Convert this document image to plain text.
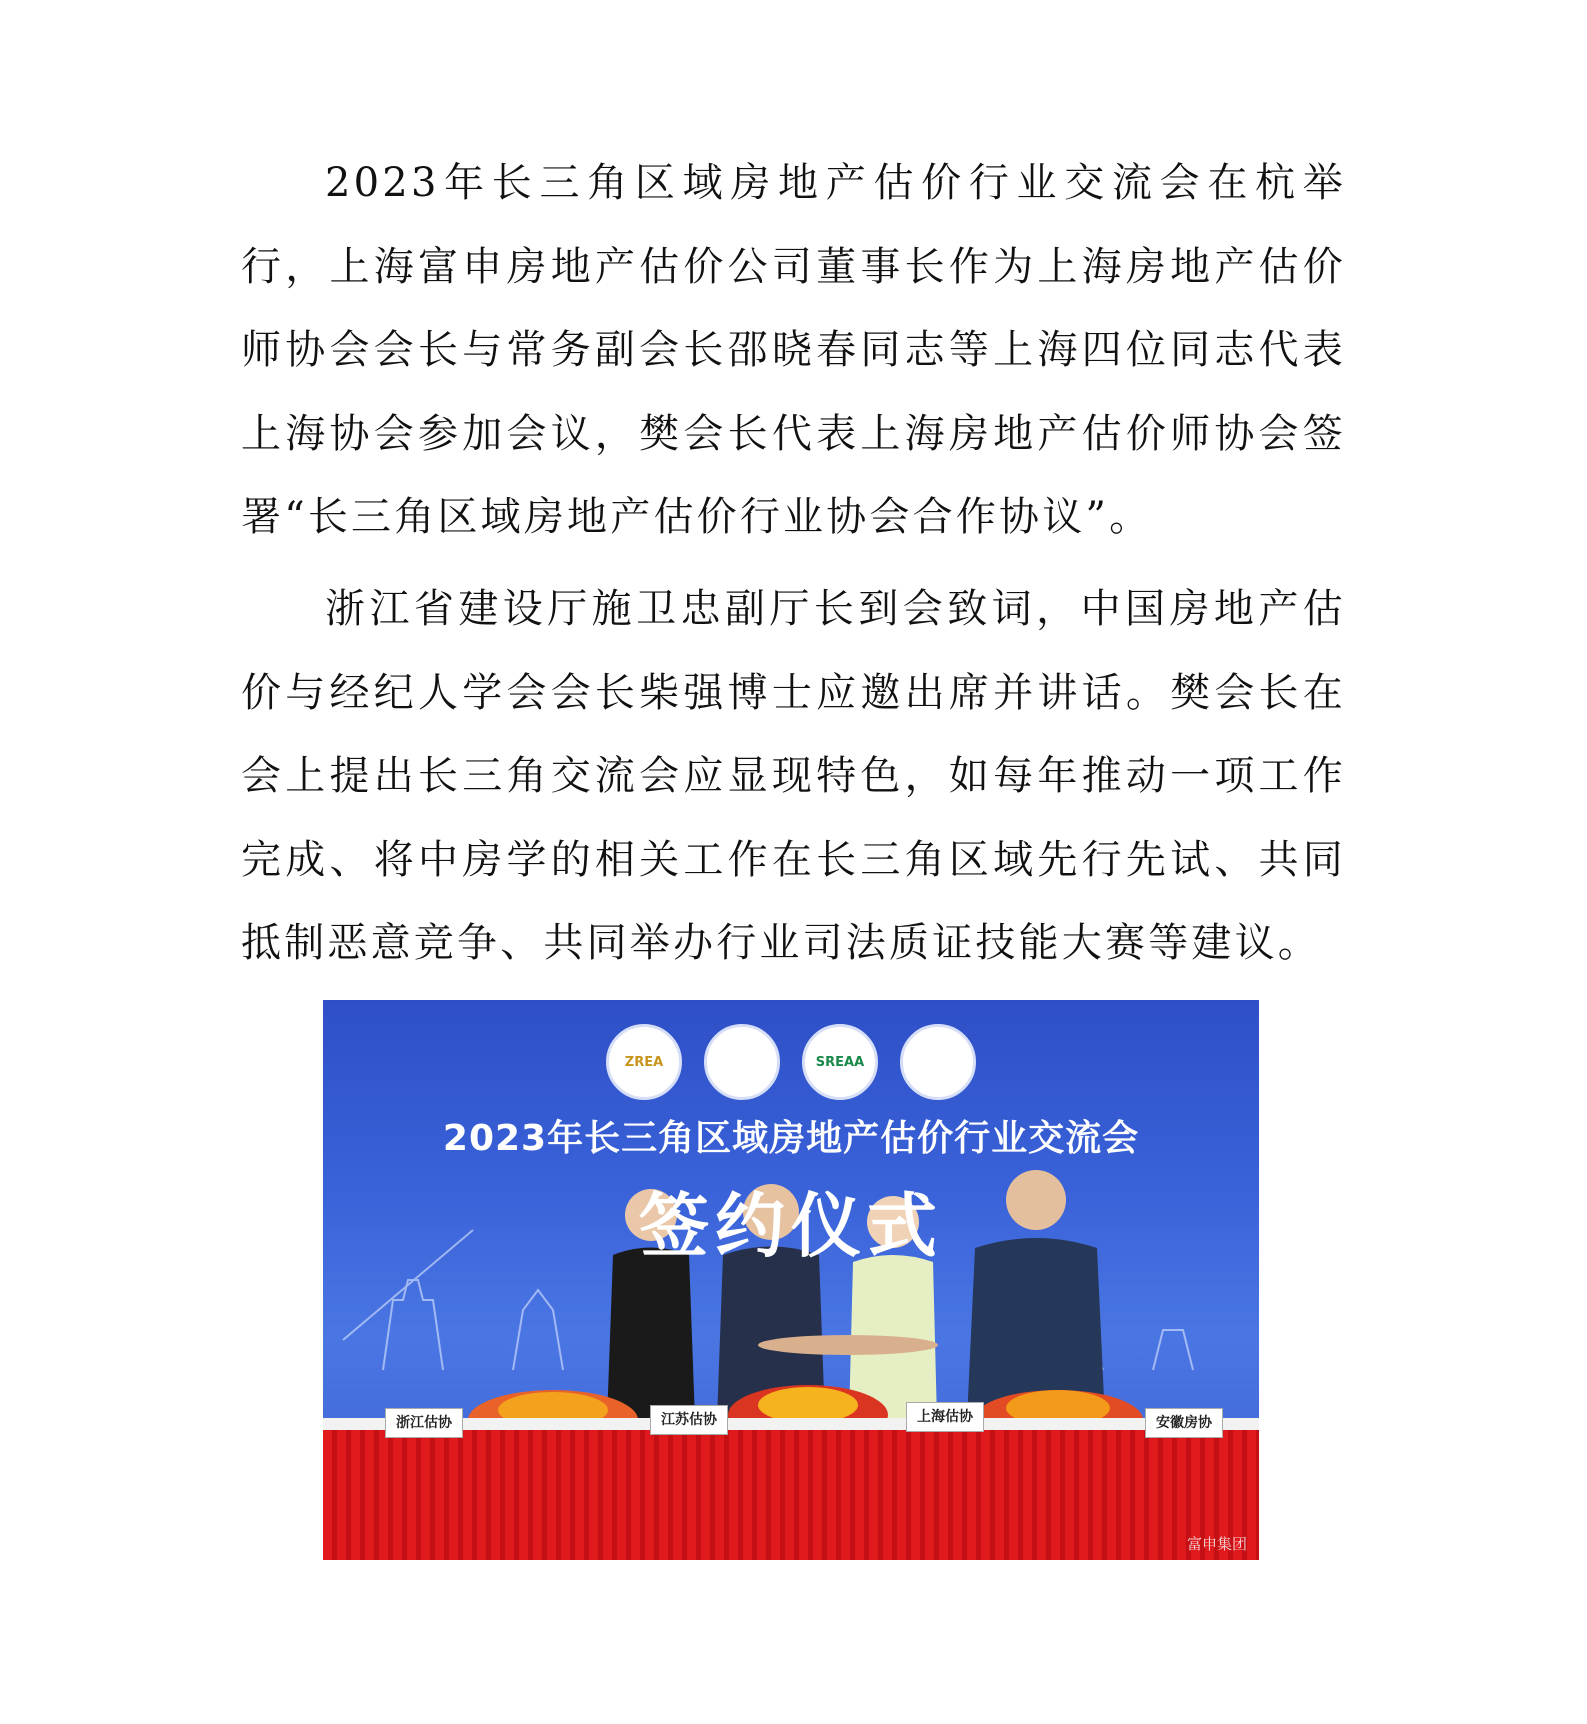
2023年长三角区域房地产估价行业交流会在杭举行，上海富申房地产估价公司董事长作为上海房地产估价师协会会长与常务副会长邵晓春同志等上海四位同志代表上海协会参加会议，樊会长代表上海房地产估价师协会签署“长三角区域房地产估价行业协会合作协议”。

浙江省建设厅施卫忠副厅长到会致词，中国房地产估价与经纪人学会会长柴强博士应邀出席并讲话。樊会长在会上提出长三角交流会应显现特色，如每年推动一项工作完成、将中房学的相关工作在长三角区域先行先试、共同抵制恶意竞争、共同举办行业司法质证技能大赛等建议。

ZREA	SREAA
2023年长三角区域房地产估价行业交流会
签约仪式
浙江估协	江苏估协	上海估协	安徽房协
富申集团
